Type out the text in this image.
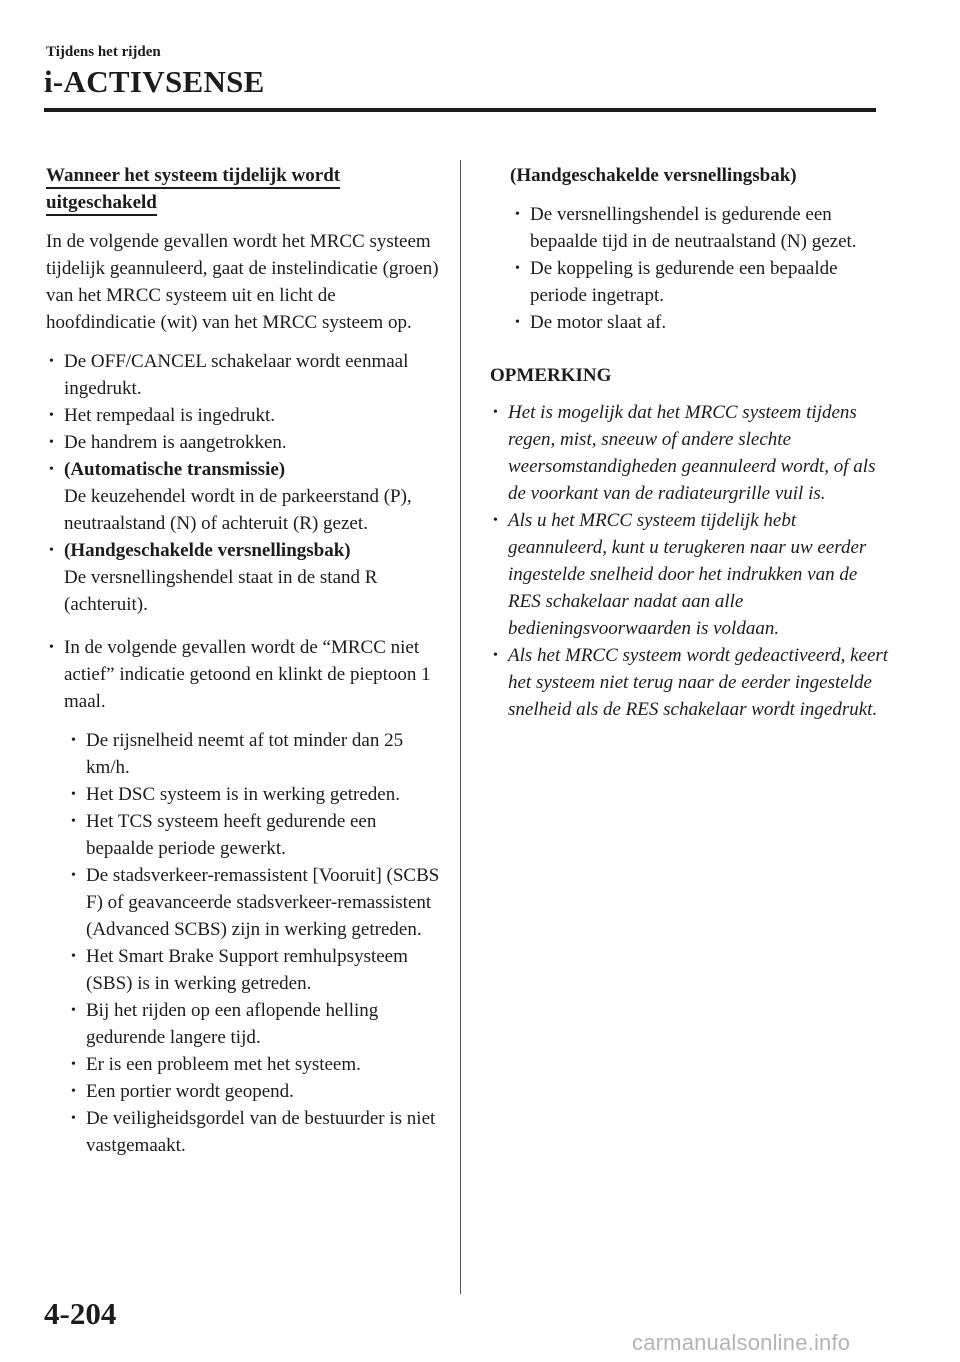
Tijdens het rijden
i-ACTIVSENSE
Wanneer het systeem tijdelijk wordt
uitgeschakeld

In de volgende gevallen wordt het MRCC systeem tijdelijk geannuleerd, gaat de instelindicatie (groen) van het MRCC systeem uit en licht de hoofdindicatie (wit) van het MRCC systeem op.

• De OFF/CANCEL schakelaar wordt eenmaal ingedrukt.
• Het rempedaal is ingedrukt.
• De handrem is aangetrokken.
• (Automatische transmissie)
De keuzehendel wordt in de parkeerstand (P), neutraalstand (N) of achteruit (R) gezet.
• (Handgeschakelde versnellingsbak)
De versnellingshendel staat in de stand R (achteruit).
• In de volgende gevallen wordt de “MRCC niet actief” indicatie getoond en klinkt de pieptoon 1 maal.
• De rijsnelheid neemt af tot minder dan 25 km/h.
• Het DSC systeem is in werking getreden.
• Het TCS systeem heeft gedurende een bepaalde periode gewerkt.
• De stadsverkeer-remassistent [Vooruit] (SCBS F) of geavanceerde stadsverkeer-remassistent (Advanced SCBS) zijn in werking getreden.
• Het Smart Brake Support remhulpsysteem (SBS) is in werking getreden.
• Bij het rijden op een aflopende helling gedurende langere tijd.
• Er is een probleem met het systeem.
• Een portier wordt geopend.
• De veiligheidsgordel van de bestuurder is niet vastgemaakt.

(Handgeschakelde versnellingsbak)

• De versnellingshendel is gedurende een bepaalde tijd in de neutraalstand (N) gezet.
• De koppeling is gedurende een bepaalde periode ingetrapt.
• De motor slaat af.

OPMERKING

• Het is mogelijk dat het MRCC systeem tijdens regen, mist, sneeuw of andere slechte weersomstandigheden geannuleerd wordt, of als de voorkant van de radiateurgrille vuil is.
• Als u het MRCC systeem tijdelijk hebt geannuleerd, kunt u terugkeren naar uw eerder ingestelde snelheid door het indrukken van de RES schakelaar nadat aan alle bedieningsvoorwaarden is voldaan.
• Als het MRCC systeem wordt gedeactiveerd, keert het systeem niet terug naar de eerder ingestelde snelheid als de RES schakelaar wordt ingedrukt.
4-204
carmanualsonline.info
